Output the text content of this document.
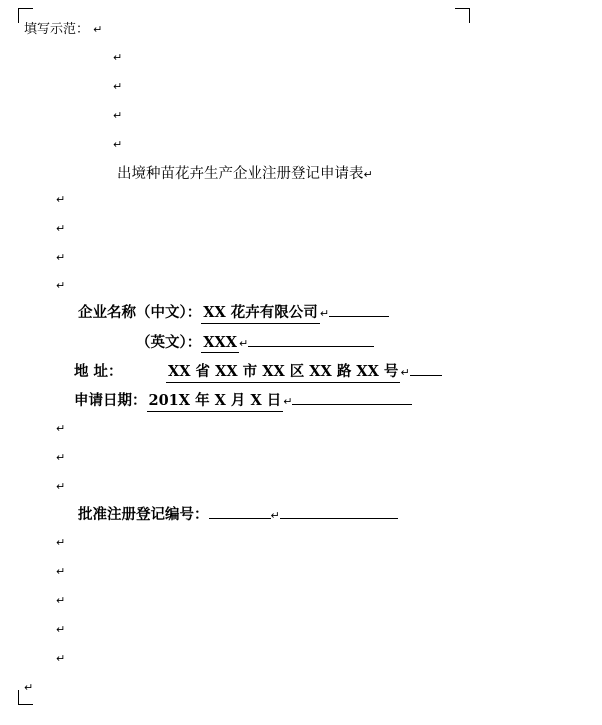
填写示范： ↵
↵
↵
↵
↵
出境种苗花卉生产企业注册登记申请表↵
↵
↵
↵
↵
企业名称（中文）： XX 花卉有限公司 ↵
（英文）： XXX ↵
地 址：	XX 省 XX 市 XX 区 XX 路 XX 号 ↵
申请日期： 201X 年 X 月 X 日 ↵
↵
↵
↵
批准注册登记编号：	↵
↵
↵
↵
↵
↵
↵
